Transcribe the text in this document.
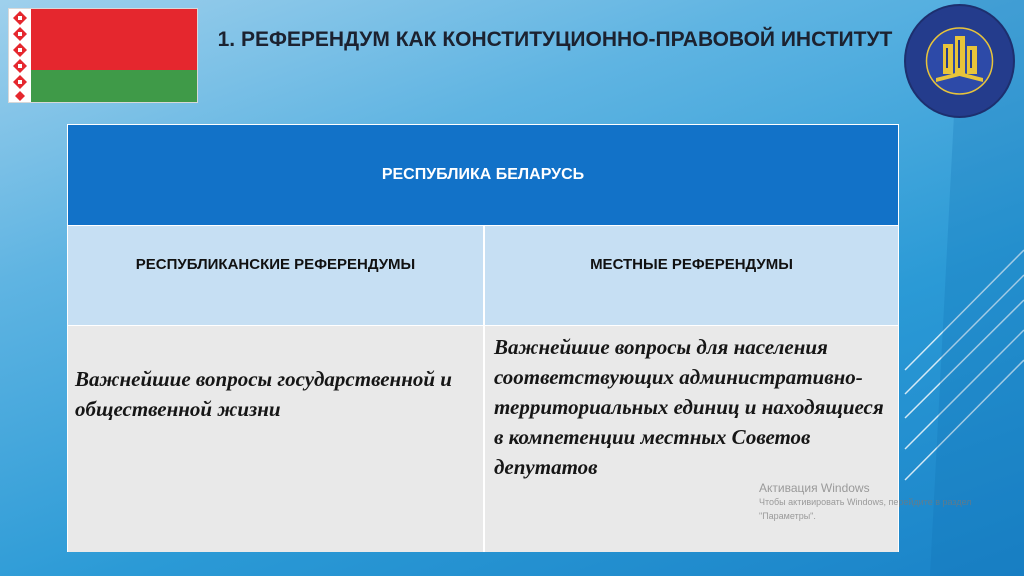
1. РЕФЕРЕНДУМ КАК КОНСТИТУЦИОННО-ПРАВОВОЙ ИНСТИТУТ
РЕСПУБЛИКА БЕЛАРУСЬ
РЕСПУБЛИКАНСКИЕ РЕФЕРЕНДУМЫ	МЕСТНЫЕ РЕФЕРЕНДУМЫ

Важнейшие вопросы государственной и общественной жизни

Важнейшие вопросы для населения соответствующих административно-территориальных единиц и находящиеся в компетенции местных Советов депутатов

Активация Windows
Чтобы активировать Windows, перейдите в раздел "Параметры".
